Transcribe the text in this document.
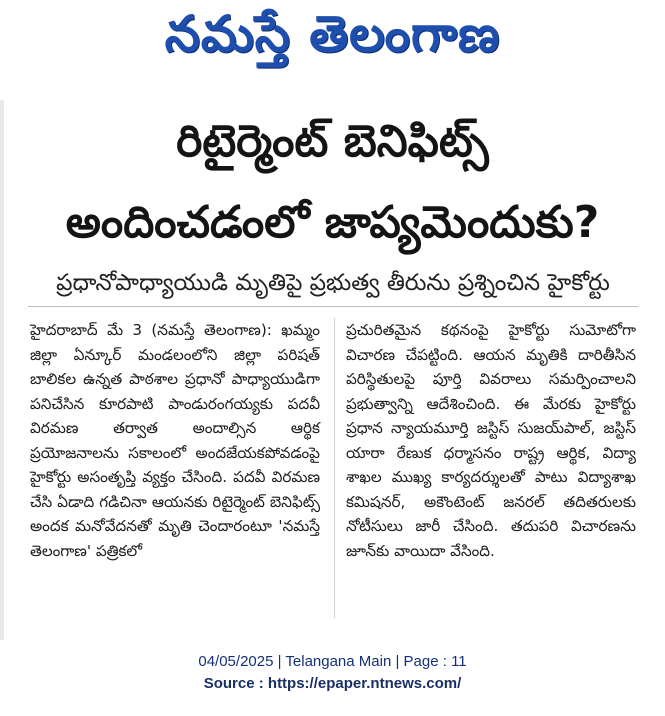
నమస్తే తెలంగాణ
రిటైర్మెంట్ బెనిఫిట్స్
అందించడంలో జాప్యమెందుకు?
ప్రధానోపాధ్యాయుడి మృతిపై ప్రభుత్వ తీరును ప్రశ్నించిన హైకోర్టు

హైదరాబాద్ మే 3 (నమస్తే తెలంగాణ): ఖమ్మం జిల్లా ఏన్కూర్ మండలంలోని జిల్లా పరిషత్ బాలికల ఉన్నత పాఠశాల ప్రధానో పాధ్యాయుడిగా పనిచేసిన కూరపాటి పాండురంగయ్యకు పదవీ విరమణ తర్వాత అందాల్సిన ఆర్థిక ప్రయోజనాలను సకాలంలో అందజేయకపోవడంపై హైకోర్టు అసంతృప్తి వ్యక్తం చేసింది. పదవీ విరమణ చేసి ఏడాది గడిచినా ఆయనకు రిటైర్మెంట్ బెనిఫిట్స్ అందక మనోవేదనతో మృతి చెందారంటూ 'నమస్తే తెలంగాణ' పత్రికలో

ప్రచురితమైన కథనంపై హైకోర్టు సుమోటోగా విచారణ చేపట్టింది. ఆయన మృతికి దారితీసిన పరిస్థితులపై పూర్తి వివరాలు సమర్పించాలని ప్రభుత్వాన్ని ఆదేశించింది. ఈ మేరకు హైకోర్టు ప్రధాన న్యాయమూర్తి జస్టిస్ సుజయ్‌పాల్, జస్టిస్ యారా రేణుక ధర్మాసనం రాష్ట్ర ఆర్థిక, విద్యా శాఖల ముఖ్య కార్యదర్శులతో పాటు విద్యాశాఖ కమిషనర్, అకౌంటెంట్ జనరల్ తదితరులకు నోటీసులు జారీ చేసింది. తదుపరి విచారణను జూన్‌కు వాయిదా వేసింది.

04/05/2025 | Telangana Main | Page : 11
Source : https://epaper.ntnews.com/
